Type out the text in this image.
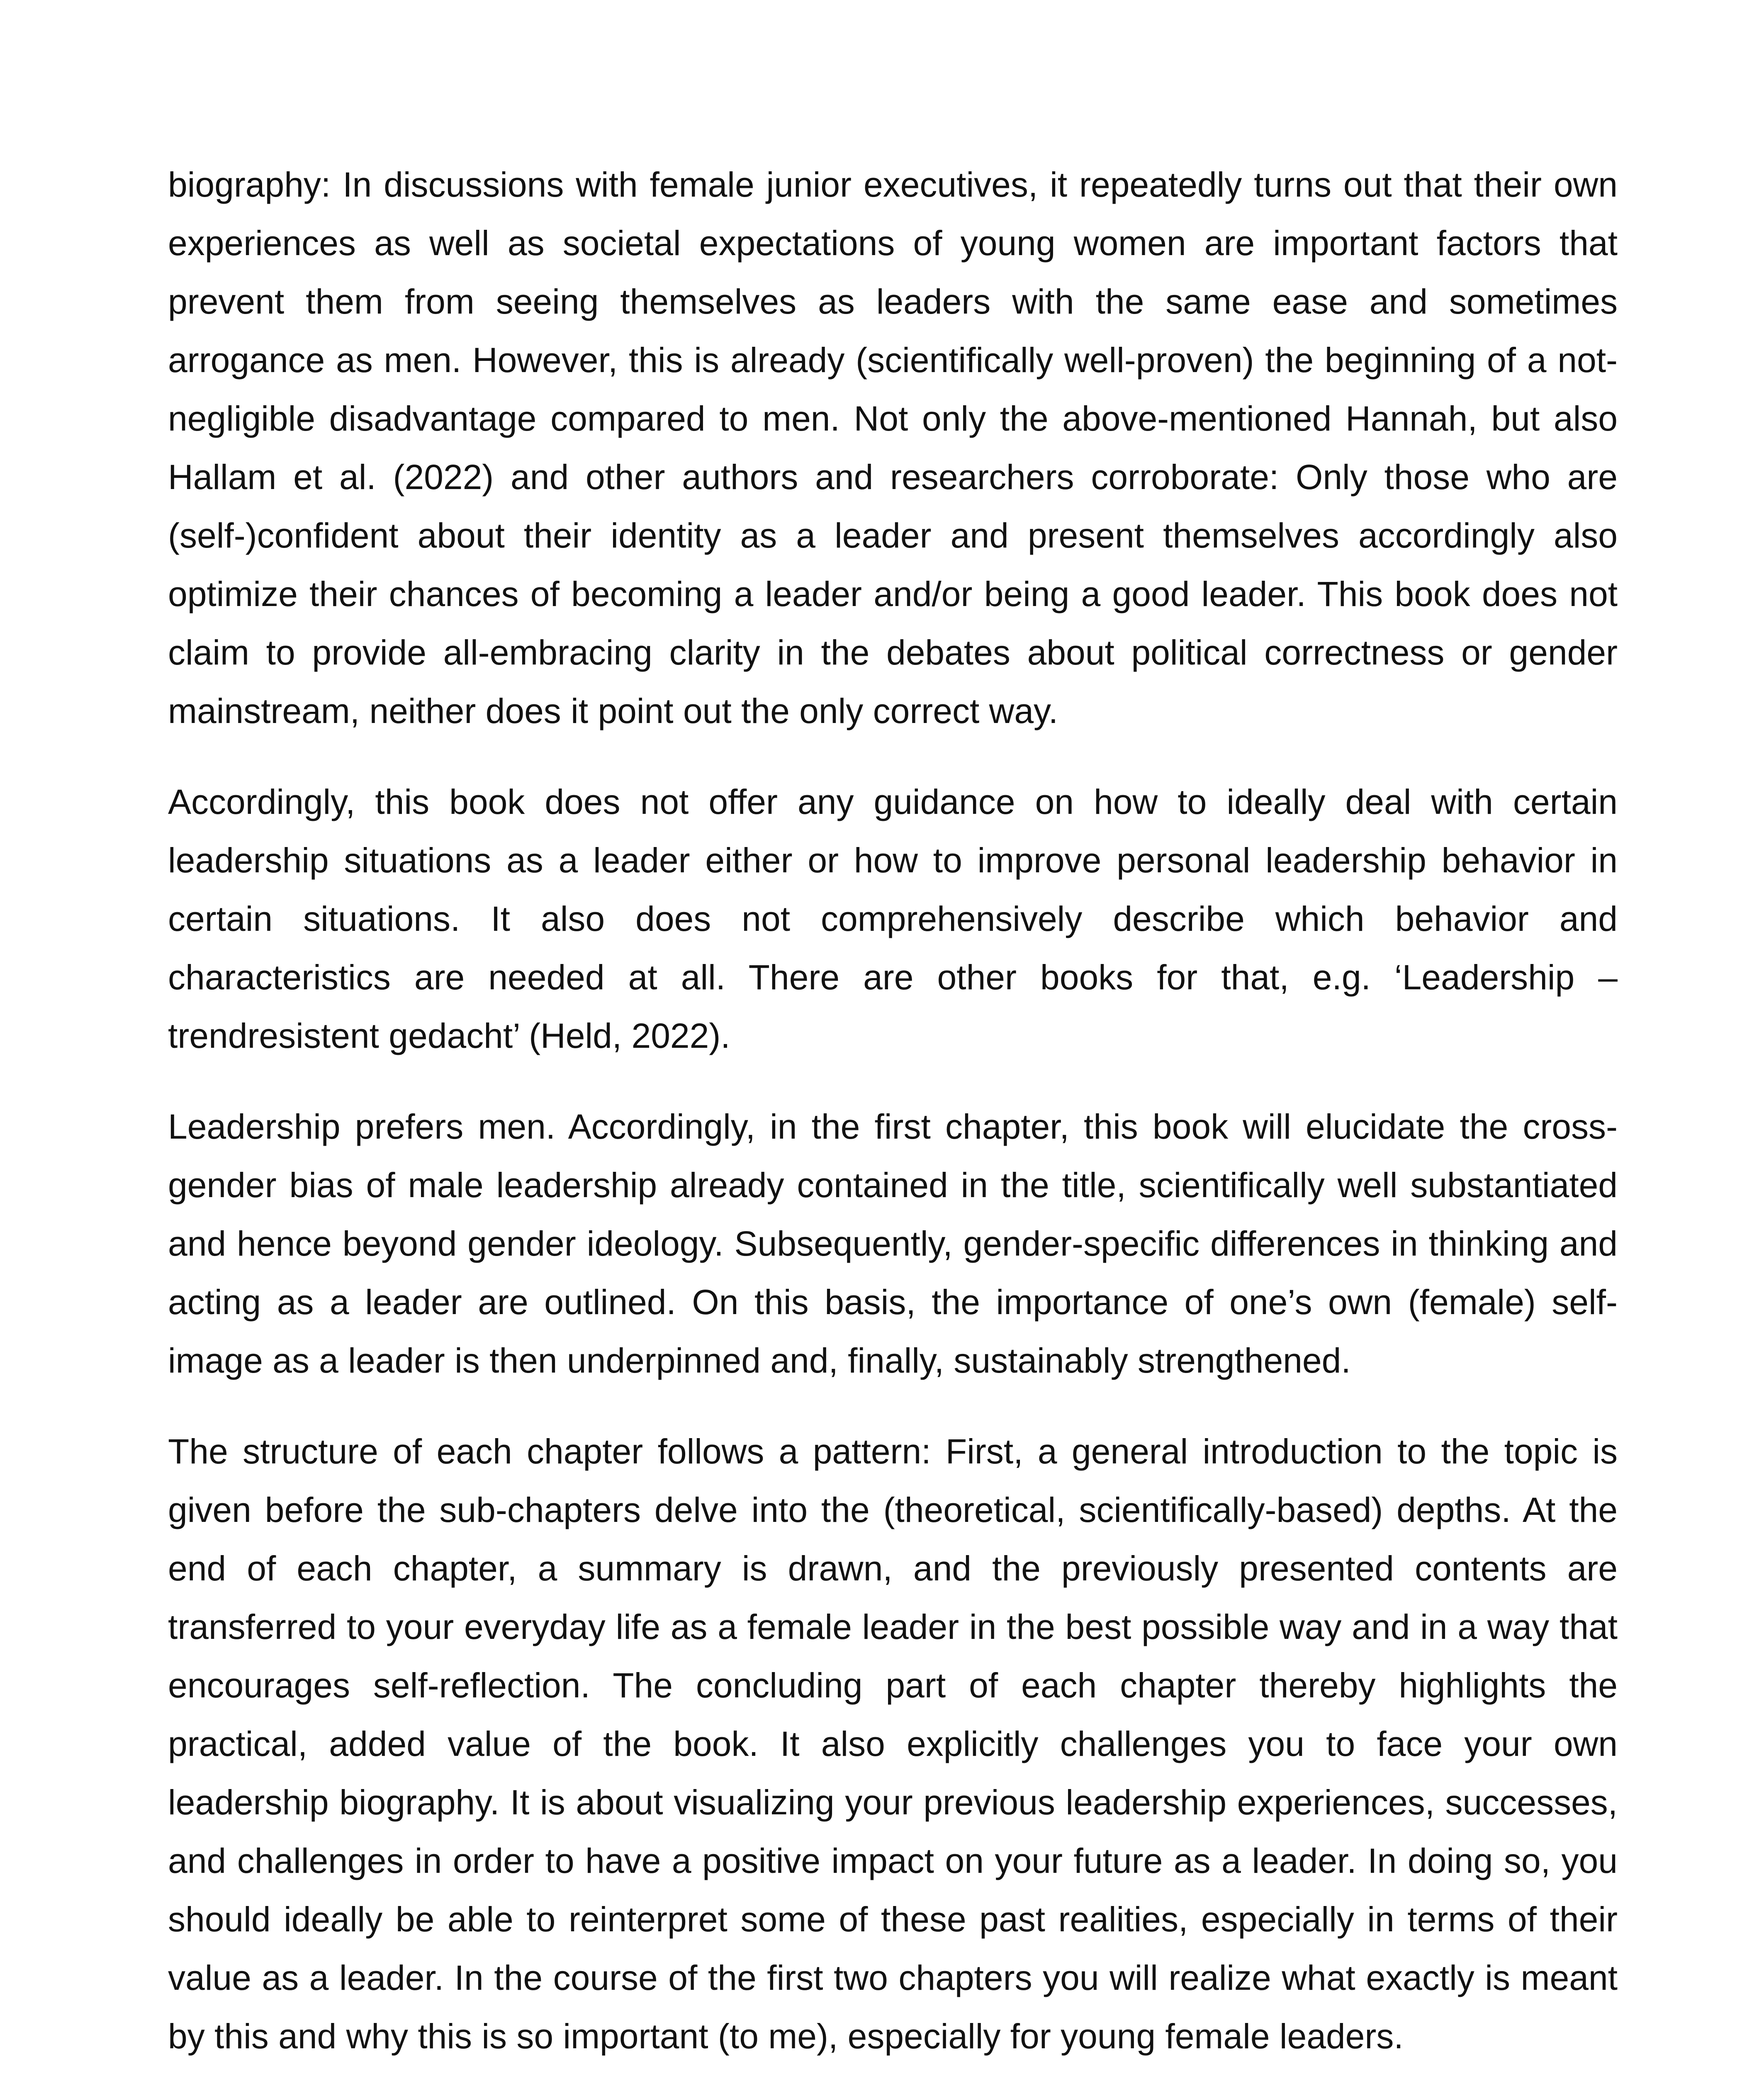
biography: In discussions with female junior executives, it repeatedly turns out that their own experiences as well as societal expectations of young women are important factors that prevent them from seeing themselves as leaders with the same ease and sometimes arrogance as men. However, this is already (scientifically well-proven) the beginning of a not-negligible disadvantage compared to men. Not only the above-mentioned Hannah, but also Hallam et al. (2022) and other authors and researchers corroborate: Only those who are (self-)confident about their identity as a leader and present themselves accordingly also optimize their chances of becoming a leader and/or being a good leader. This book does not claim to provide all-embracing clarity in the debates about political correctness or gender mainstream, neither does it point out the only correct way.

Accordingly, this book does not offer any guidance on how to ideally deal with certain leadership situations as a leader either or how to improve personal leadership behavior in certain situations. It also does not comprehensively describe which behavior and characteristics are needed at all. There are other books for that, e.g. ‘Leadership – trendresistent gedacht’ (Held, 2022).

Leadership prefers men. Accordingly, in the first chapter, this book will elucidate the cross-gender bias of male leadership already contained in the title, scientifically well substantiated and hence beyond gender ideology. Subsequently, gender-specific differences in thinking and acting as a leader are outlined. On this basis, the importance of one’s own (female) self-image as a leader is then underpinned and, finally, sustainably strengthened.

The structure of each chapter follows a pattern: First, a general introduction to the topic is given before the sub-chapters delve into the (theoretical, scientifically-based) depths. At the end of each chapter, a summary is drawn, and the previously presented contents are transferred to your everyday life as a female leader in the best possible way and in a way that encourages self-reflection. The concluding part of each chapter thereby highlights the practical, added value of the book. It also explicitly challenges you to face your own leadership biography. It is about visualizing your previous leadership experiences, successes, and challenges in order to have a positive impact on your future as a leader. In doing so, you should ideally be able to reinterpret some of these past realities, especially in terms of their value as a leader. In the course of the first two chapters you will realize what exactly is meant by this and why this is so important (to me), especially for young female leaders.
